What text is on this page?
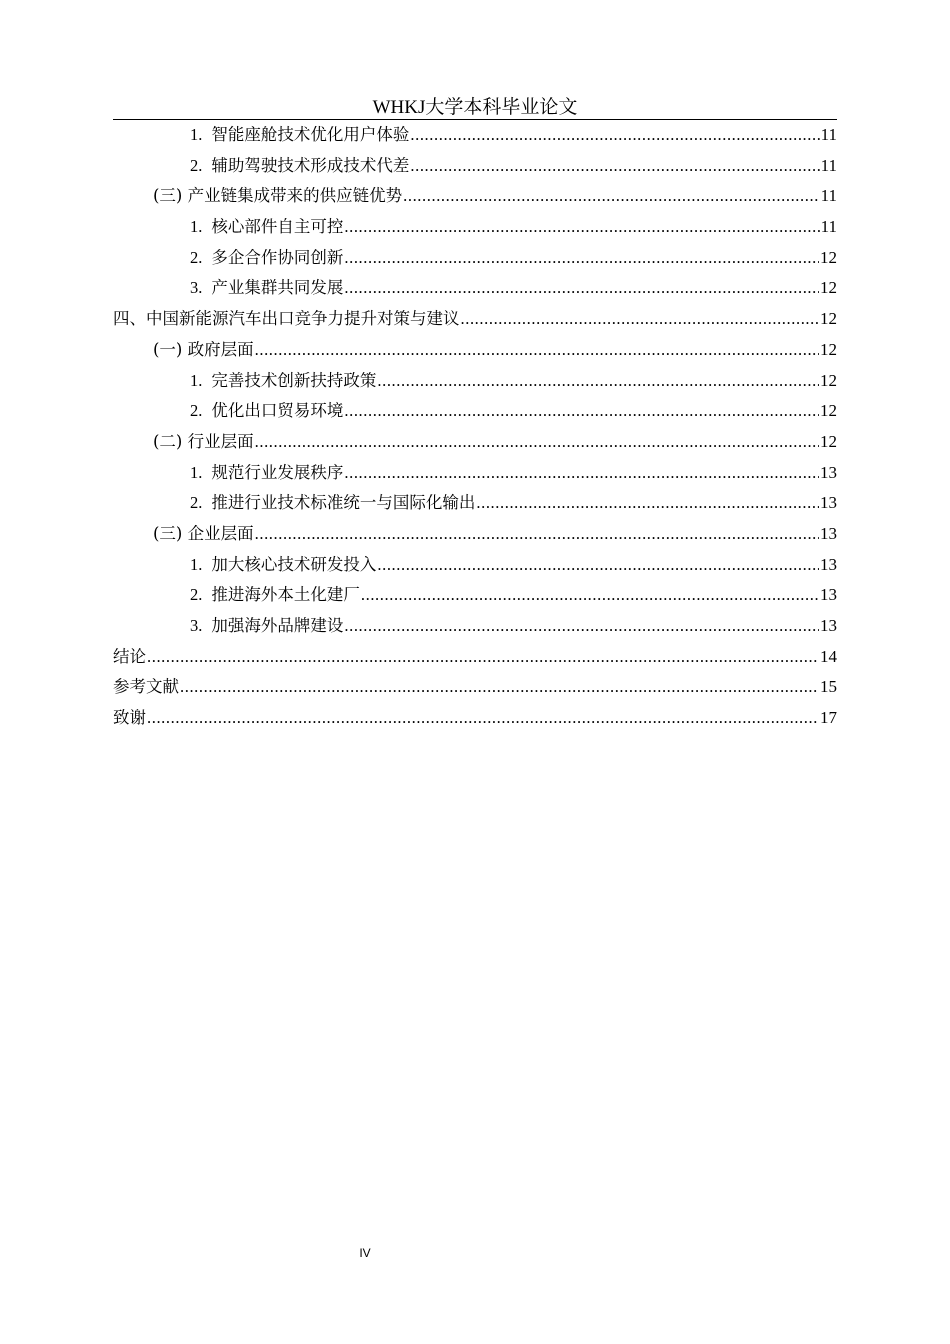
WHKJ大学本科毕业论文
1. 智能座舱技术优化用户体验 .....	11
2. 辅助驾驶技术形成技术代差 .....	11
(三) 产业链集成带来的供应链优势 .....	11
1. 核心部件自主可控 .....	11
2. 多企合作协同创新 .....	12
3. 产业集群共同发展 .....	12
四、中国新能源汽车出口竞争力提升对策与建议 .....	12
(一) 政府层面 .....	12
1. 完善技术创新扶持政策 .....	12
2. 优化出口贸易环境 .....	12
(二) 行业层面 .....	12
1. 规范行业发展秩序 .....	13
2. 推进行业技术标准统一与国际化输出 .....	13
(三) 企业层面 .....	13
1. 加大核心技术研发投入 .....	13
2. 推进海外本土化建厂 .....	13
3. 加强海外品牌建设 .....	13
结论 .....	14
参考文献 .....	15
致谢 .....	17
IV
